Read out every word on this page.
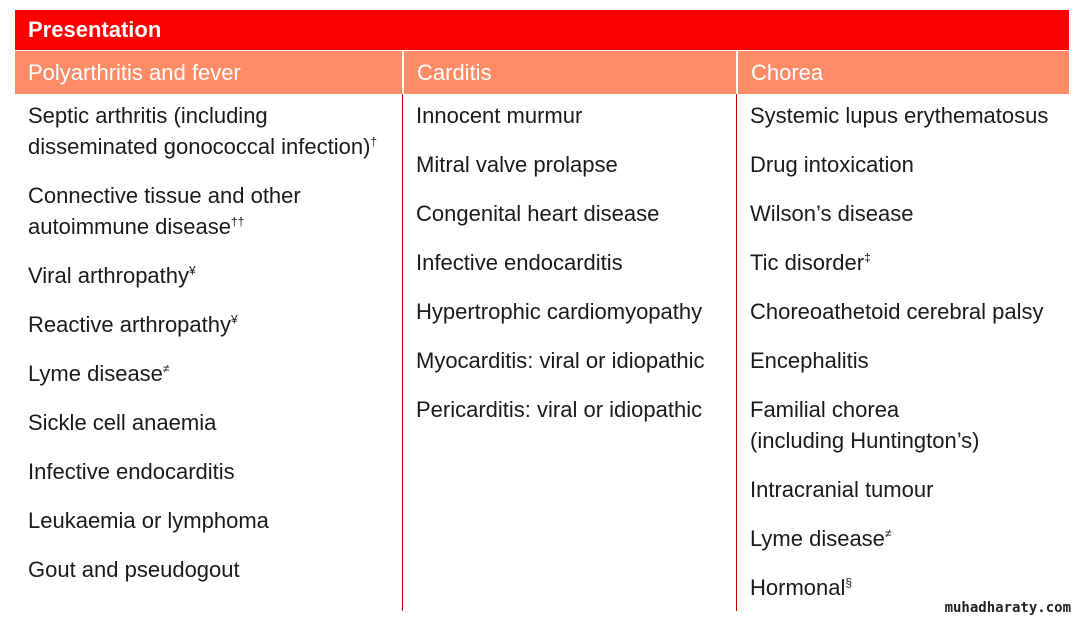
Presentation
Polyarthritis and fever	Carditis	Chorea
Septic arthritis (including
disseminated gonococcal infection)†
Connective tissue and other
autoimmune disease††
Viral arthropathy¥
Reactive arthropathy¥
Lyme disease≠
Sickle cell anaemia
Infective endocarditis
Leukaemia or lymphoma
Gout and pseudogout
Innocent murmur
Mitral valve prolapse
Congenital heart disease
Infective endocarditis
Hypertrophic cardiomyopathy
Myocarditis: viral or idiopathic
Pericarditis: viral or idiopathic
Systemic lupus erythematosus
Drug intoxication
Wilson’s disease
Tic disorder‡
Choreoathetoid cerebral palsy
Encephalitis
Familial chorea
(including Huntington’s)
Intracranial tumour
Lyme disease≠
Hormonal§
muhadharaty.com
